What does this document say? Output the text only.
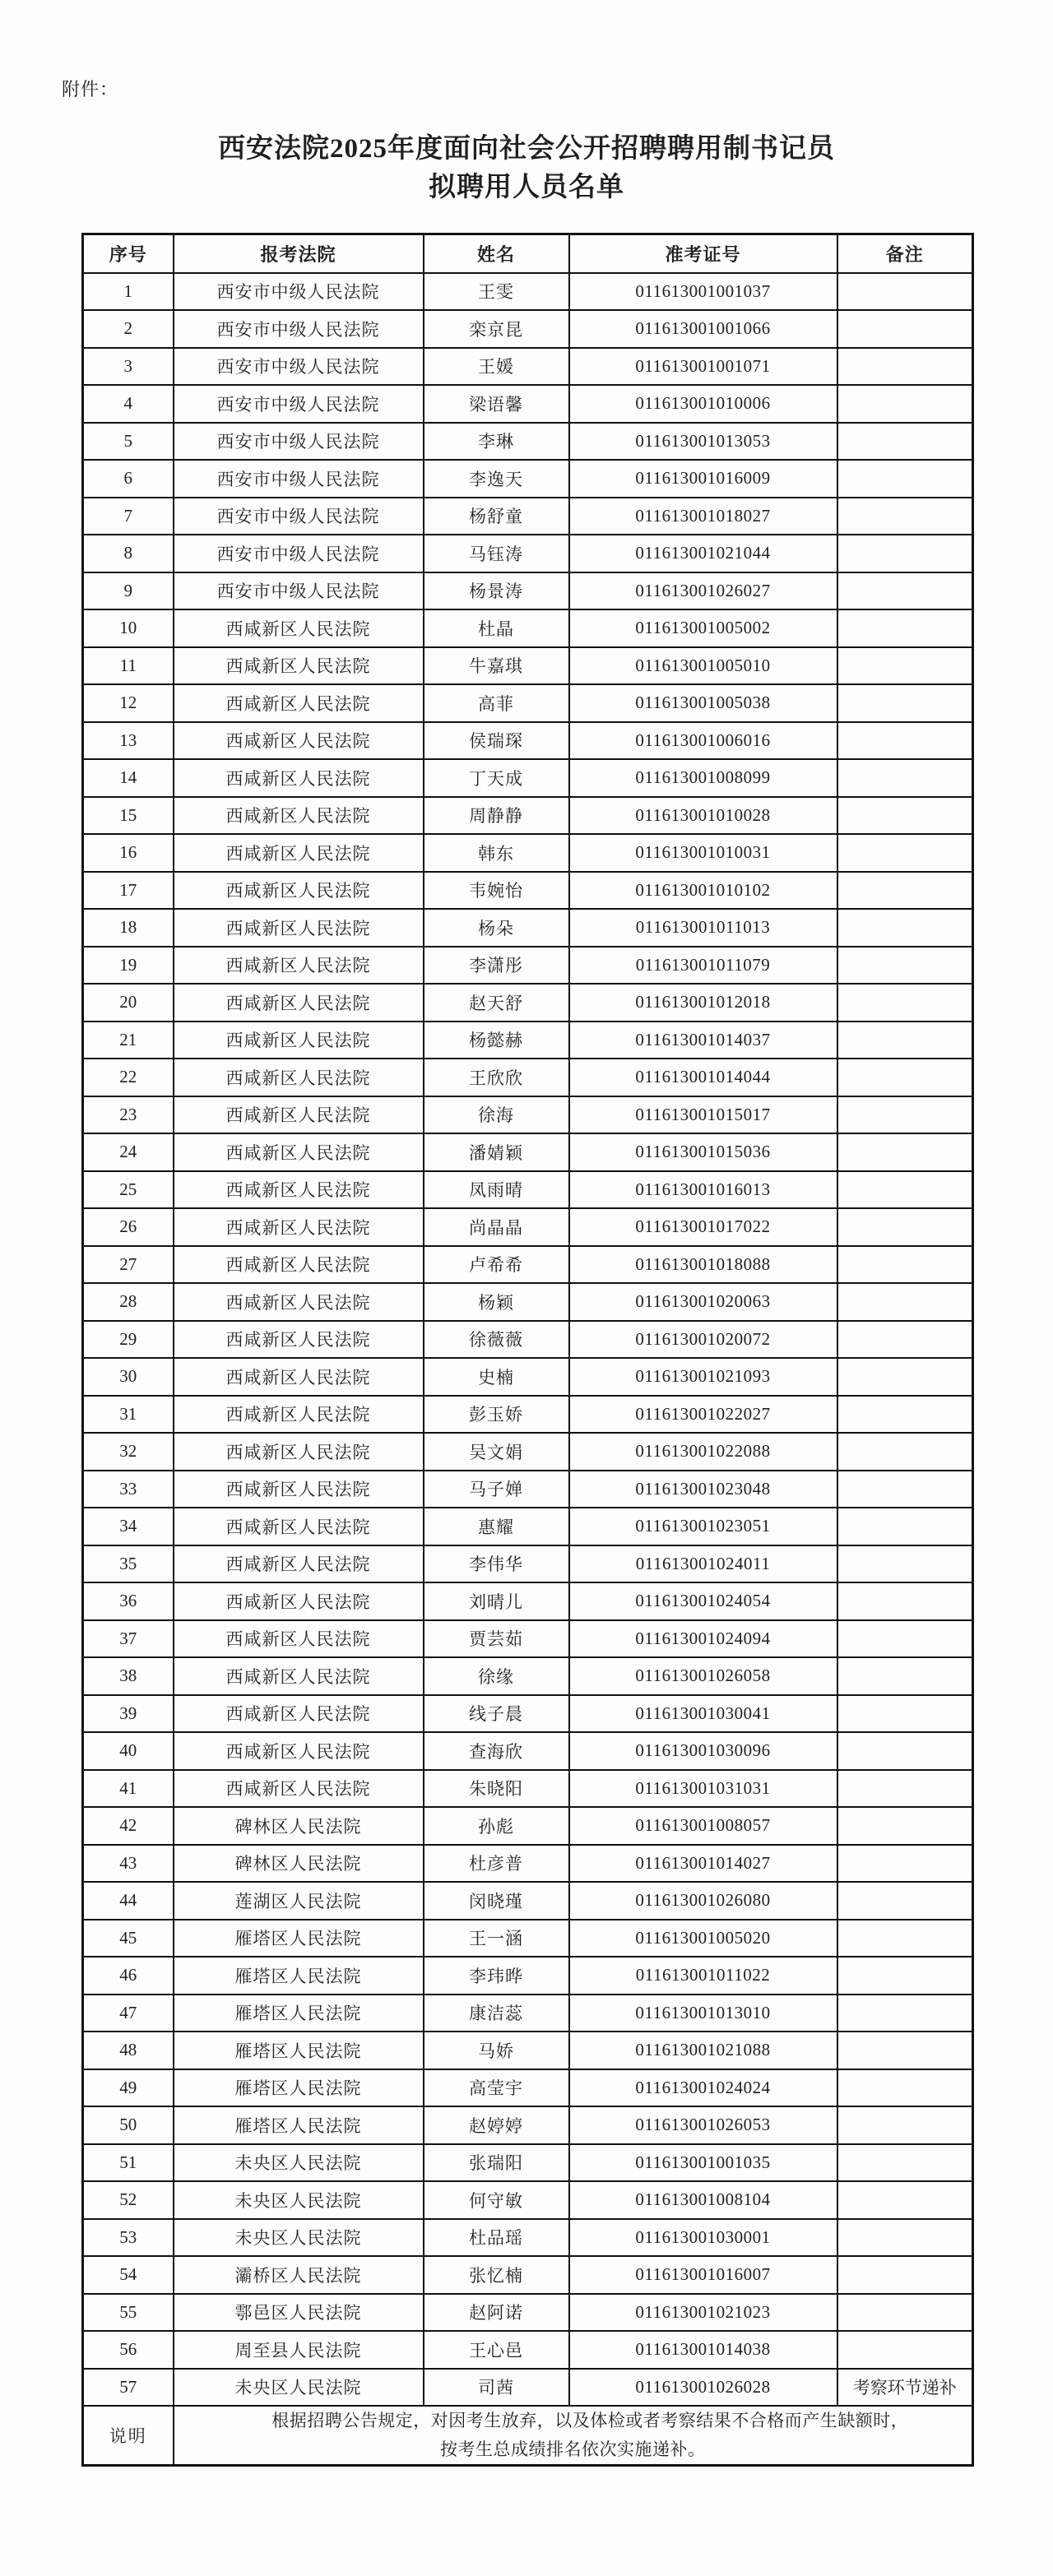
附件：
西安法院2025年度面向社会公开招聘聘用制书记员
拟聘用人员名单
序号	报考法院	姓名	准考证号	备注
1	西安市中级人民法院	王雯	011613001001037	
2	西安市中级人民法院	栾京昆	011613001001066	
3	西安市中级人民法院	王媛	011613001001071	
4	西安市中级人民法院	梁语馨	011613001010006	
5	西安市中级人民法院	李琳	011613001013053	
6	西安市中级人民法院	李逸天	011613001016009	
7	西安市中级人民法院	杨舒童	011613001018027	
8	西安市中级人民法院	马钰涛	011613001021044	
9	西安市中级人民法院	杨景涛	011613001026027	
10	西咸新区人民法院	杜晶	011613001005002	
11	西咸新区人民法院	牛嘉琪	011613001005010	
12	西咸新区人民法院	高菲	011613001005038	
13	西咸新区人民法院	侯瑞琛	011613001006016	
14	西咸新区人民法院	丁天成	011613001008099	
15	西咸新区人民法院	周静静	011613001010028	
16	西咸新区人民法院	韩东	011613001010031	
17	西咸新区人民法院	韦婉怡	011613001010102	
18	西咸新区人民法院	杨朵	011613001011013	
19	西咸新区人民法院	李潇彤	011613001011079	
20	西咸新区人民法院	赵天舒	011613001012018	
21	西咸新区人民法院	杨懿赫	011613001014037	
22	西咸新区人民法院	王欣欣	011613001014044	
23	西咸新区人民法院	徐海	011613001015017	
24	西咸新区人民法院	潘婧颖	011613001015036	
25	西咸新区人民法院	凤雨晴	011613001016013	
26	西咸新区人民法院	尚晶晶	011613001017022	
27	西咸新区人民法院	卢希希	011613001018088	
28	西咸新区人民法院	杨颖	011613001020063	
29	西咸新区人民法院	徐薇薇	011613001020072	
30	西咸新区人民法院	史楠	011613001021093	
31	西咸新区人民法院	彭玉娇	011613001022027	
32	西咸新区人民法院	吴文娟	011613001022088	
33	西咸新区人民法院	马子婵	011613001023048	
34	西咸新区人民法院	惠耀	011613001023051	
35	西咸新区人民法院	李伟华	011613001024011	
36	西咸新区人民法院	刘晴儿	011613001024054	
37	西咸新区人民法院	贾芸茹	011613001024094	
38	西咸新区人民法院	徐缘	011613001026058	
39	西咸新区人民法院	线子晨	011613001030041	
40	西咸新区人民法院	查海欣	011613001030096	
41	西咸新区人民法院	朱晓阳	011613001031031	
42	碑林区人民法院	孙彪	011613001008057	
43	碑林区人民法院	杜彦普	011613001014027	
44	莲湖区人民法院	闵晓瑾	011613001026080	
45	雁塔区人民法院	王一涵	011613001005020	
46	雁塔区人民法院	李玮晔	011613001011022	
47	雁塔区人民法院	康洁蕊	011613001013010	
48	雁塔区人民法院	马娇	011613001021088	
49	雁塔区人民法院	高莹宇	011613001024024	
50	雁塔区人民法院	赵婷婷	011613001026053	
51	未央区人民法院	张瑞阳	011613001001035	
52	未央区人民法院	何守敏	011613001008104	
53	未央区人民法院	杜品瑶	011613001030001	
54	灞桥区人民法院	张忆楠	011613001016007	
55	鄠邑区人民法院	赵阿诺	011613001021023	
56	周至县人民法院	王心邑	011613001014038	
57	未央区人民法院	司茜	011613001026028	考察环节递补
说明	根据招聘公告规定，对因考生放弃，以及体检或者考察结果不合格而产生缺额时，
按考生总成绩排名依次实施递补。			
